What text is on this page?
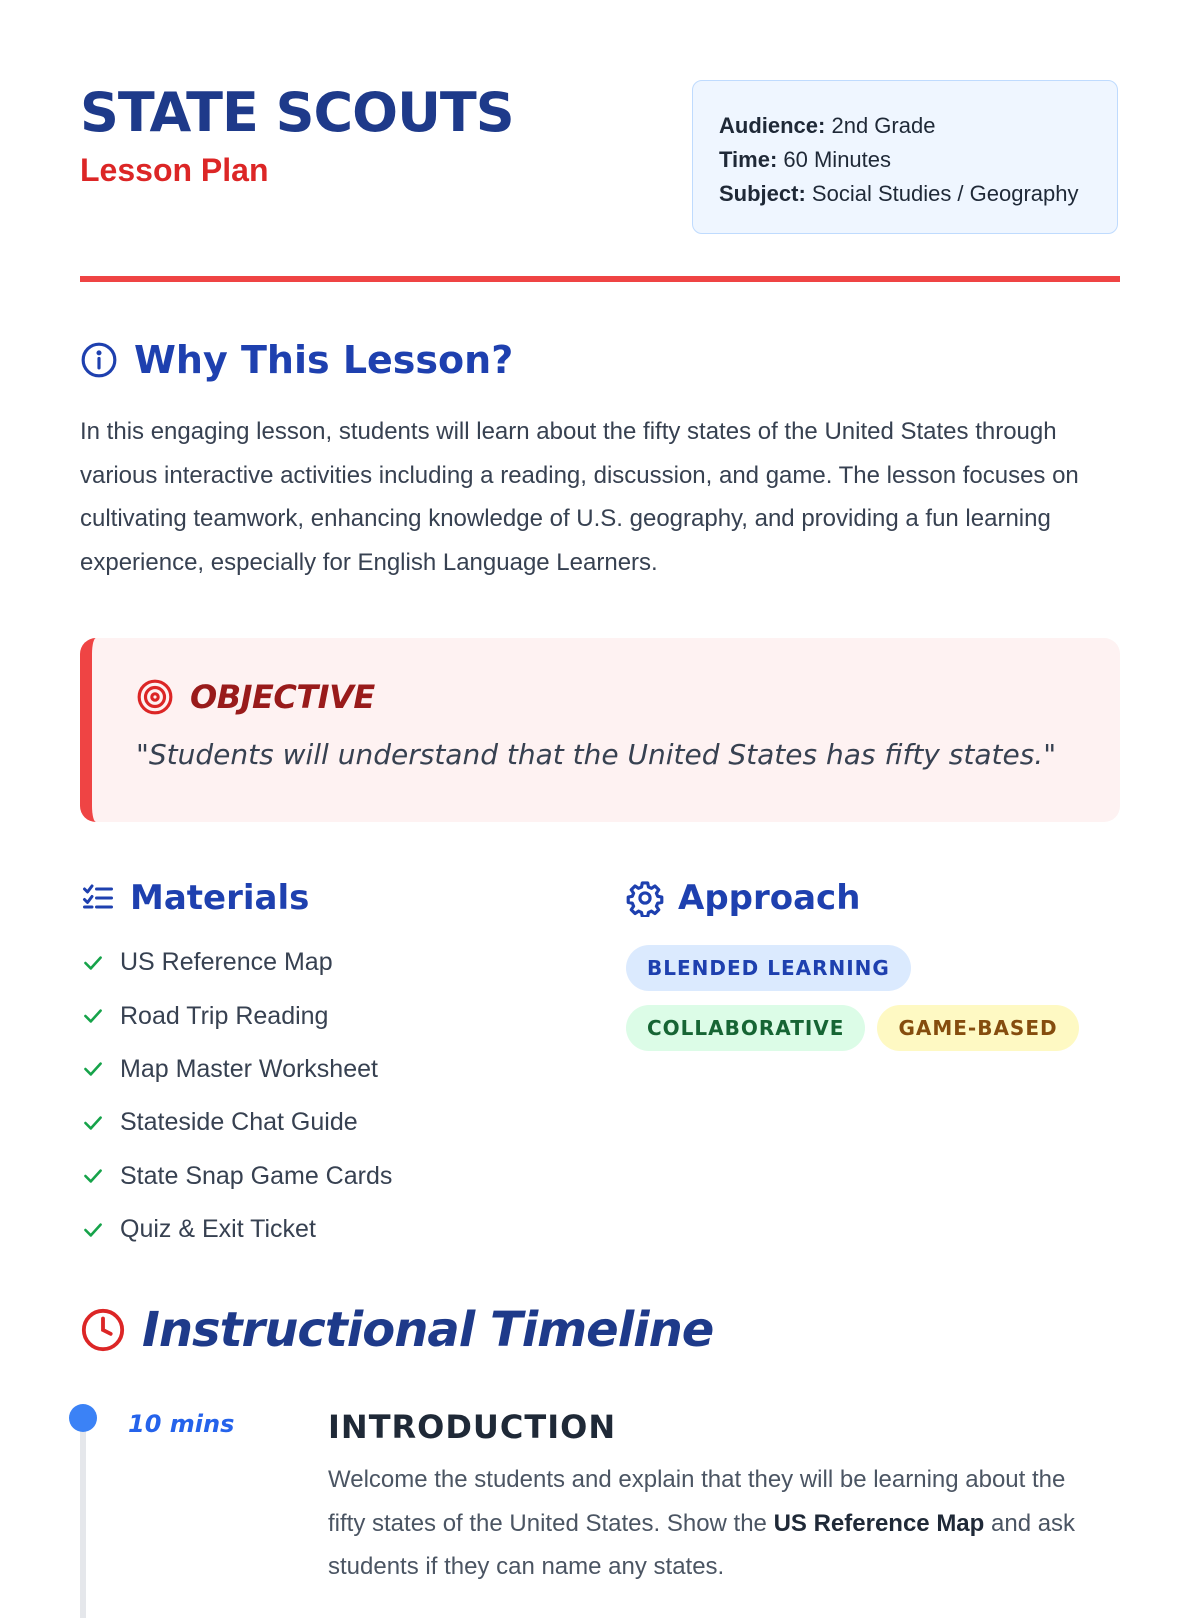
STATE SCOUTS
Lesson Plan
Audience: 2nd Grade
Time: 60 Minutes
Subject: Social Studies / Geography
Why This Lesson?

In this engaging lesson, students will learn about the fifty states of the United States through various interactive activities including a reading, discussion, and game. The lesson focuses on cultivating teamwork, enhancing knowledge of U.S. geography, and providing a fun learning experience, especially for English Language Learners.

OBJECTIVE
"Students will understand that the United States has fifty states."
Materials
US Reference Map
Road Trip Reading
Map Master Worksheet
Stateside Chat Guide
State Snap Game Cards
Quiz & Exit Ticket
Approach
BLENDED LEARNING
COLLABORATIVE	GAME-BASED
Instructional Timeline
10 mins	INTRODUCTION

Welcome the students and explain that they will be learning about the fifty states of the United States. Show the US Reference Map and ask students if they can name any states.
